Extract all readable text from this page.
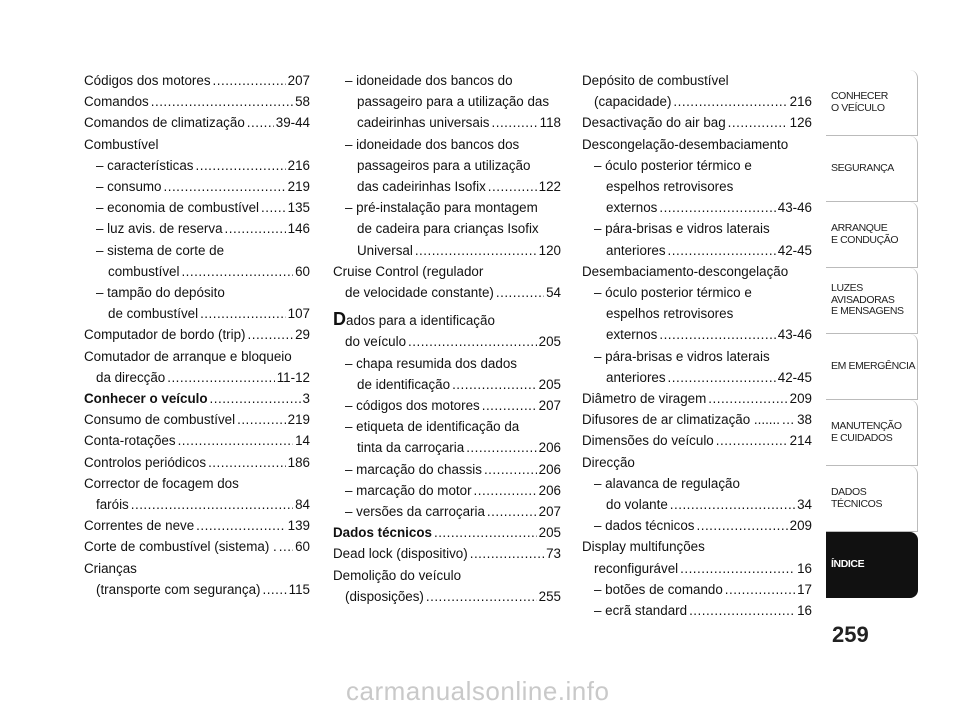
Códigos dos motores .....	207
Comandos .....	58
Comandos de climatização ..... 39-44
Combustível
– características .....	216
– consumo .....	219
– economia de combustível ..... 135
– luz avis. de reserva .....	146
– sistema de corte de
combustível .....	60
– tampão do depósito
de combustível .....	107
Computador de bordo (trip) .....	29
Comutador de arranque e bloqueio
da direcção .....	11-12
Conhecer o veículo .....	3
Consumo de combustível .....	219
Conta-rotações .....	14
Controlos periódicos .....	186
Corrector de focagem dos
faróis .....	84
Correntes de neve .....	139
Corte de combustível (sistema) . ..... 60
Crianças
(transporte com segurança) ..... 115
– idoneidade dos bancos do
passageiro para a utilização das
cadeirinhas universais .....	118
– idoneidade dos bancos dos
passageiros para a utilização
das cadeirinhas Isofix .....	122
– pré-instalação para montagem
de cadeira para crianças Isofix
Universal .....	120
Cruise Control (regulador
de velocidade constante) .....	54
Dados para a identificação
do veículo .....	205
– chapa resumida dos dados
de identificação .....	205
– códigos dos motores .....	207
– etiqueta de identificação da
tinta da carroçaria .....	206
– marcação do chassis .....	206
– marcação do motor .....	206
– versões da carroçaria .....	207
Dados técnicos .....	205
Dead lock (dispositivo) .....	73
Demolição do veículo
(disposições) .....	255
Depósito de combustível
(capacidade) .....	216
Desactivação do air bag .....	126
Descongelação-desembaciamento
– óculo posterior térmico e
espelhos retrovisores
externos .....	43-46
– pára-brisas e vidros laterais
anteriores .....	42-45
Desembaciamento-descongelação
– óculo posterior térmico e
espelhos retrovisores
externos .....	43-46
– pára-brisas e vidros laterais
anteriores .....	42-45
Diâmetro de viragem .....	209
Difusores de ar climatização ....... ..... 38
Dimensões do veículo .....	214
Direcção
– alavanca de regulação
do volante .....	34
– dados técnicos .....	209
Display multifunções
reconfigurável .....	16
– botões de comando .....	17
– ecrã standard .....	16
CONHECER
O VEÍCULO
SEGURANÇA
ARRANQUE
E CONDUÇÃO
LUZES
AVISADORAS
E MENSAGENS
EM EMERGÊNCIA
MANUTENÇÃO
E CUIDADOS
DADOS
TÉCNICOS
ÍNDICE
259
carmanualsonline.info
